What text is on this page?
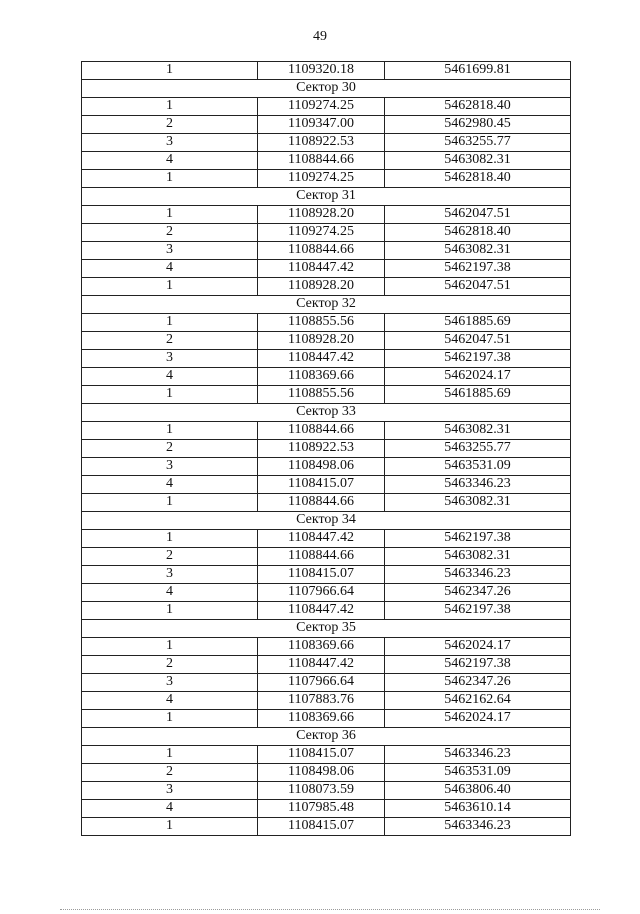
49
1	1109320.18	5461699.81
Сектор 30		
1	1109274.25	5462818.40
2	1109347.00	5462980.45
3	1108922.53	5463255.77
4	1108844.66	5463082.31
1	1109274.25	5462818.40
Сектор 31		
1	1108928.20	5462047.51
2	1109274.25	5462818.40
3	1108844.66	5463082.31
4	1108447.42	5462197.38
1	1108928.20	5462047.51
Сектор 32		
1	1108855.56	5461885.69
2	1108928.20	5462047.51
3	1108447.42	5462197.38
4	1108369.66	5462024.17
1	1108855.56	5461885.69
Сектор 33		
1	1108844.66	5463082.31
2	1108922.53	5463255.77
3	1108498.06	5463531.09
4	1108415.07	5463346.23
1	1108844.66	5463082.31
Сектор 34		
1	1108447.42	5462197.38
2	1108844.66	5463082.31
3	1108415.07	5463346.23
4	1107966.64	5462347.26
1	1108447.42	5462197.38
Сектор 35		
1	1108369.66	5462024.17
2	1108447.42	5462197.38
3	1107966.64	5462347.26
4	1107883.76	5462162.64
1	1108369.66	5462024.17
Сектор 36		
1	1108415.07	5463346.23
2	1108498.06	5463531.09
3	1108073.59	5463806.40
4	1107985.48	5463610.14
1	1108415.07	5463346.23
